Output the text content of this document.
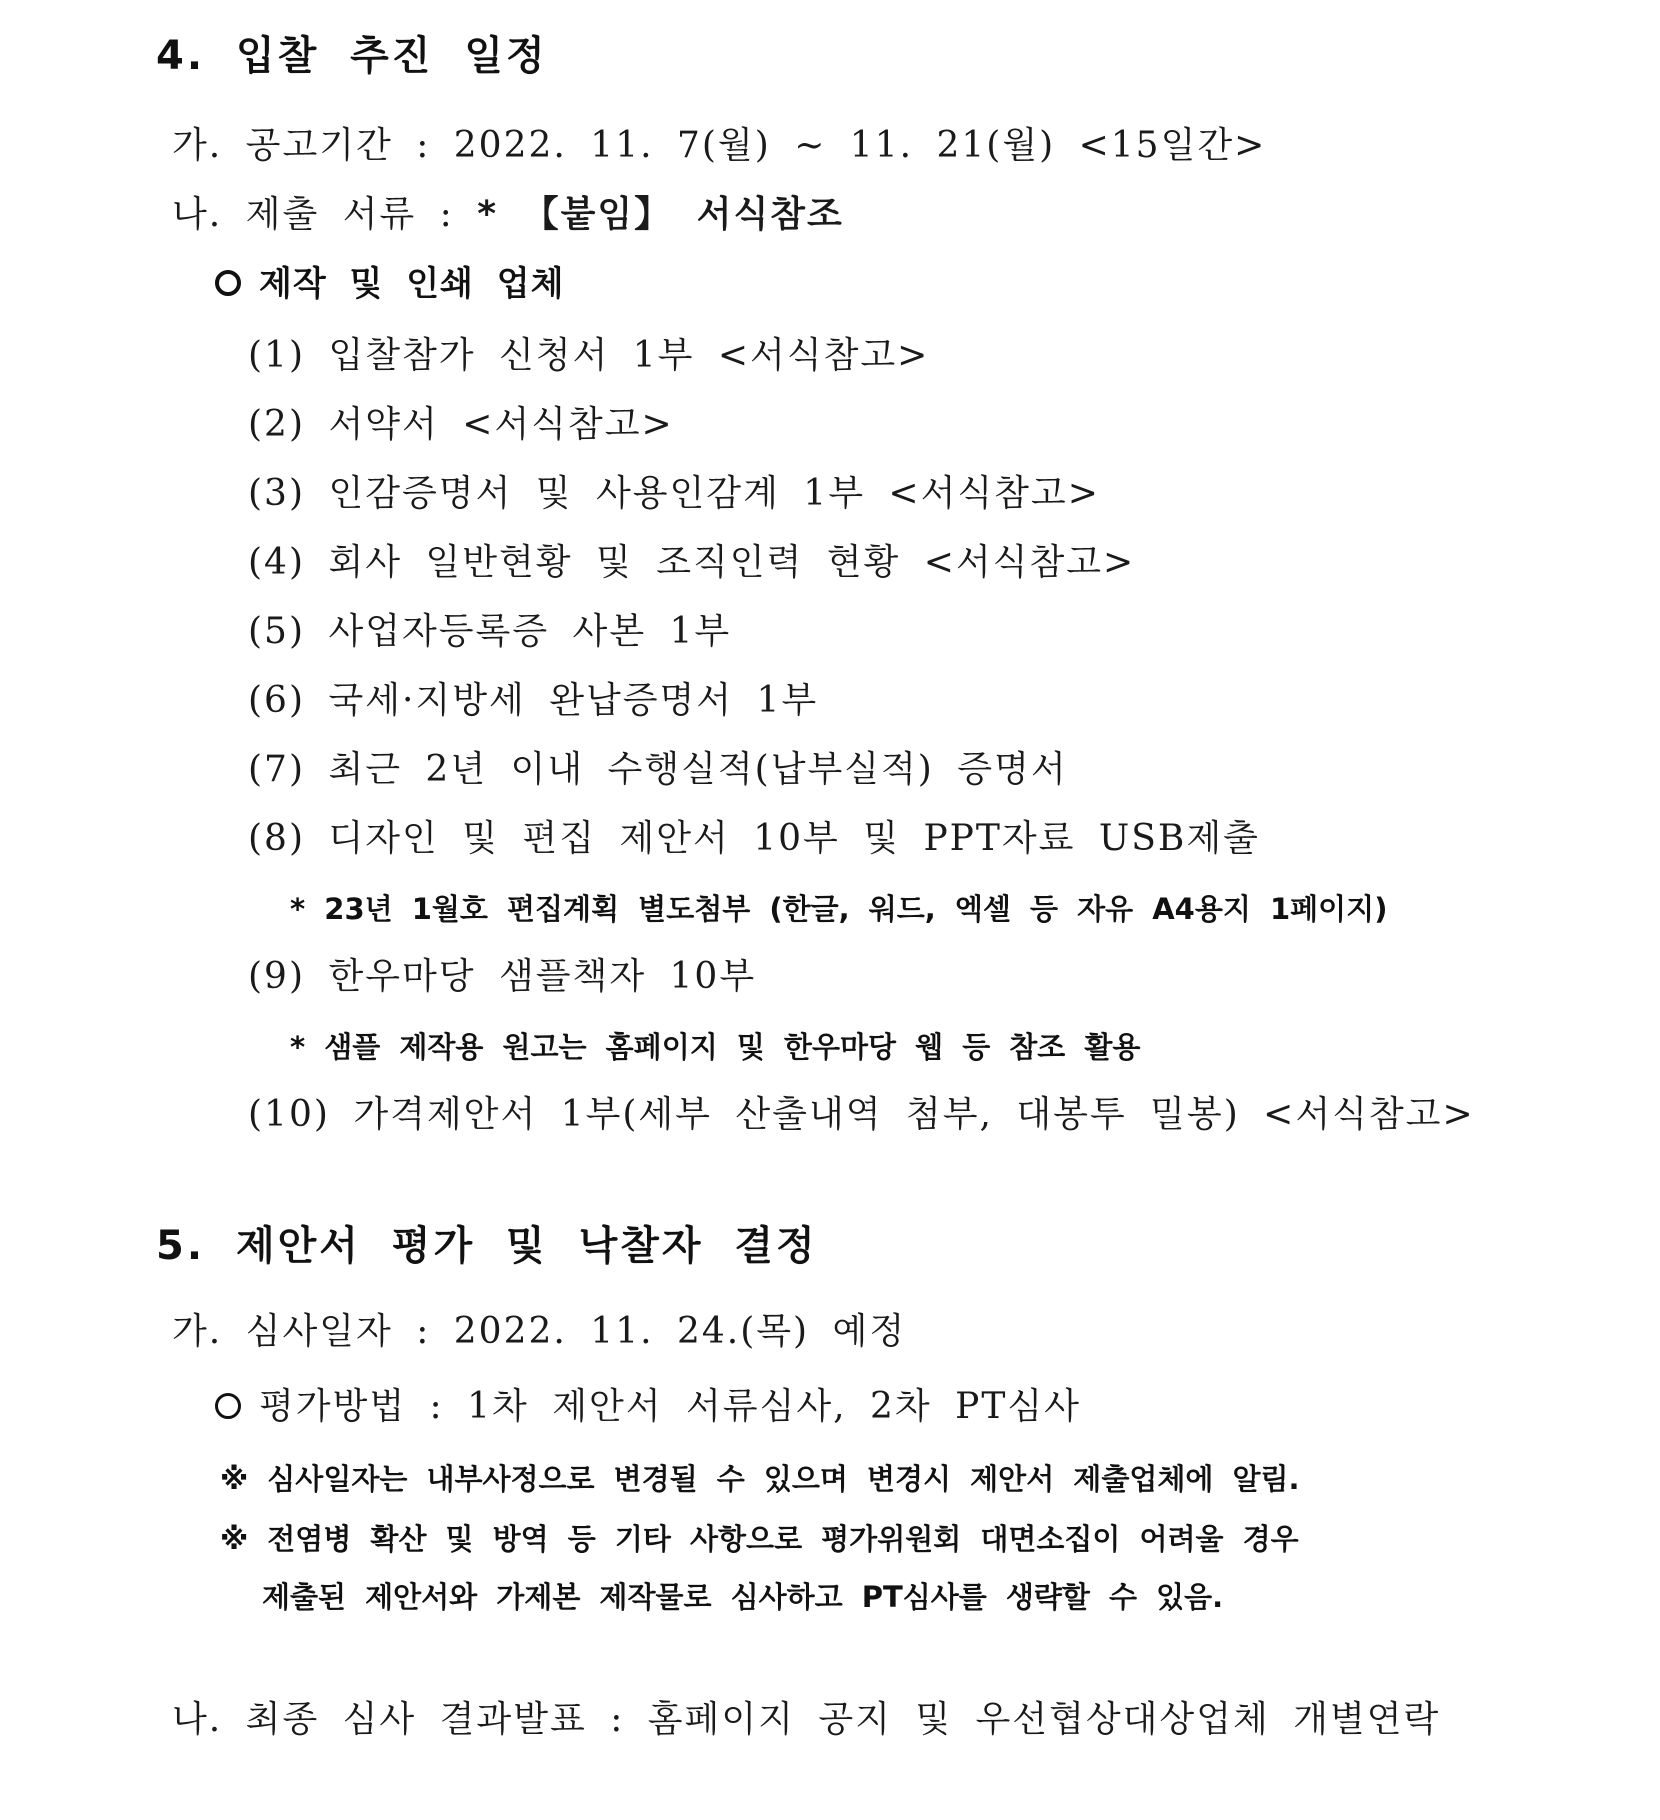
4. 입찰 추진 일정
가. 공고기간 : 2022. 11. 7(월) ~ 11. 21(월) <15일간>
나. 제출 서류 : * 【붙임】 서식참조
제작 및 인쇄 업체
(1) 입찰참가 신청서 1부 <서식참고>
(2) 서약서 <서식참고>
(3) 인감증명서 및 사용인감계 1부 <서식참고>
(4) 회사 일반현황 및 조직인력 현황 <서식참고>
(5) 사업자등록증 사본 1부
(6) 국세·지방세 완납증명서 1부
(7) 최근 2년 이내 수행실적(납부실적) 증명서
(8) 디자인 및 편집 제안서 10부 및 PPT자료 USB제출
* 23년 1월호 편집계획 별도첨부 (한글, 워드, 엑셀 등 자유 A4용지 1페이지)
(9) 한우마당 샘플책자 10부
* 샘플 제작용 원고는 홈페이지 및 한우마당 웹 등 참조 활용
(10) 가격제안서 1부(세부 산출내역 첨부, 대봉투 밀봉) <서식참고>
5. 제안서 평가 및 낙찰자 결정
가. 심사일자 : 2022. 11. 24.(목) 예정
평가방법 : 1차 제안서 서류심사, 2차 PT심사
※ 심사일자는 내부사정으로 변경될 수 있으며 변경시 제안서 제출업체에 알림.
※ 전염병 확산 및 방역 등 기타 사항으로 평가위원회 대면소집이 어려울 경우
제출된 제안서와 가제본 제작물로 심사하고 PT심사를 생략할 수 있음.
나. 최종 심사 결과발표 : 홈페이지 공지 및 우선협상대상업체 개별연락
